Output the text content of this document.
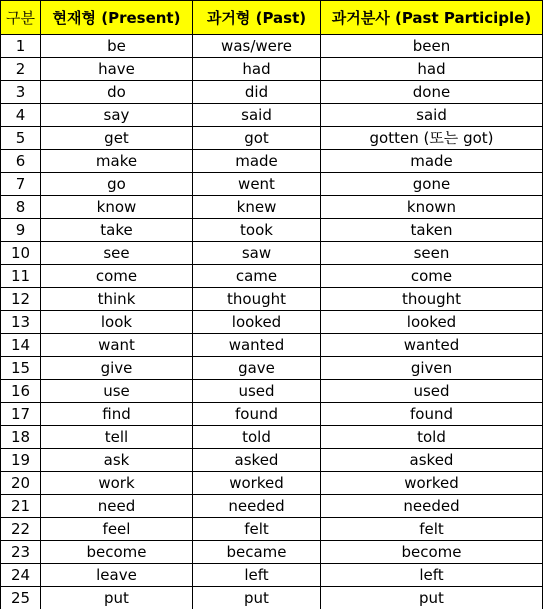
구분	현재형 (Present)	과거형 (Past)	과거분사 (Past Participle)
1	be	was/were	been
2	have	had	had
3	do	did	done
4	say	said	said
5	get	got	gotten (또는 got)
6	make	made	made
7	go	went	gone
8	know	knew	known
9	take	took	taken
10	see	saw	seen
11	come	came	come
12	think	thought	thought
13	look	looked	looked
14	want	wanted	wanted
15	give	gave	given
16	use	used	used
17	find	found	found
18	tell	told	told
19	ask	asked	asked
20	work	worked	worked
21	need	needed	needed
22	feel	felt	felt
23	become	became	become
24	leave	left	left
25	put	put	put
